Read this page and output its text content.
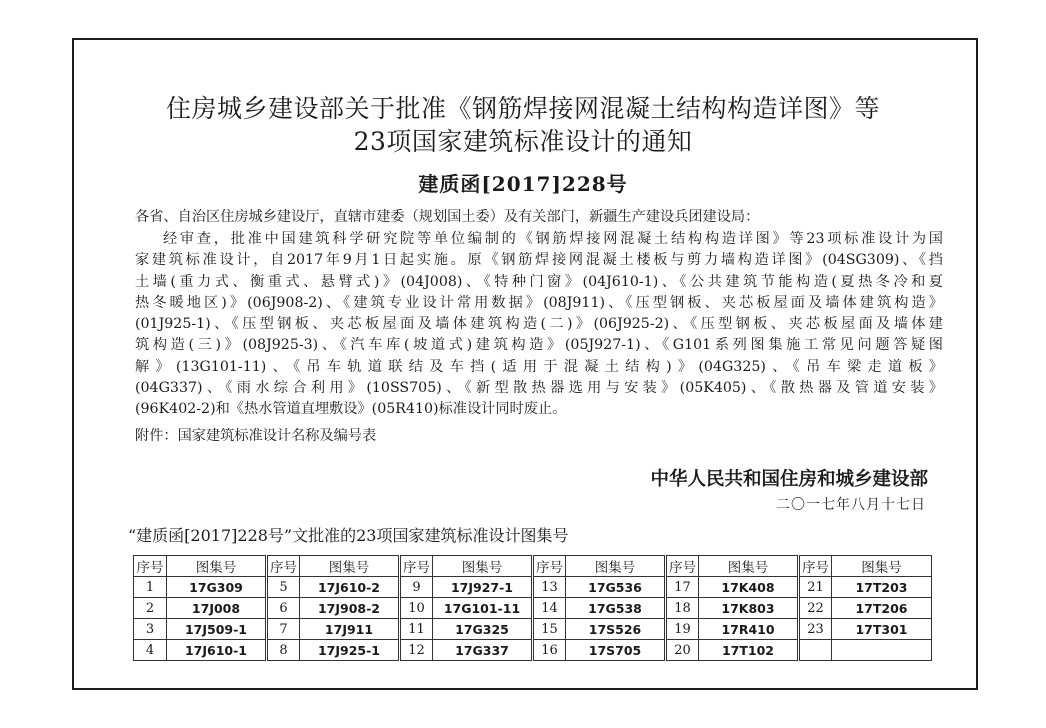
住房城乡建设部关于批准《钢筋焊接网混凝土结构构造详图》等
23项国家建筑标准设计的通知
建质函[2017]228号

各省、自治区住房城乡建设厅，直辖市建委（规划国土委）及有关部门，新疆生产建设兵团建设局：

经审查，批准中国建筑科学研究院等单位编制的《钢筋焊接网混凝土结构构造详图》等23项标准设计为国
家建筑标准设计，自2017年9月1日起实施。原《钢筋焊接网混凝土楼板与剪力墙构造详图》(04SG309)、《挡
土墙(重力式、衡重式、悬臂式)》(04J008)、《特种门窗》(04J610-1)、《公共建筑节能构造(夏热冬冷和夏
热冬暖地区)》(06J908-2)、《建筑专业设计常用数据》(08J911)、《压型钢板、夹芯板屋面及墙体建筑构造》
(01J925-1)、《压型钢板、夹芯板屋面及墙体建筑构造(二)》(06J925-2)、《压型钢板、夹芯板屋面及墙体建
筑构造(三)》(08J925-3)、《汽车库(坡道式)建筑构造》(05J927-1)、《G101系列图集施工常见问题答疑图
解》(13G101-11)、《吊车轨道联结及车挡(适用于混凝土结构)》(04G325)、《吊车梁走道板》
(04G337)、《雨水综合利用》(10SS705)、《新型散热器选用与安装》(05K405)、《散热器及管道安装》
(96K402-2)和《热水管道直埋敷设》(05R410)标准设计同时废止。

附件：国家建筑标准设计名称及编号表

中华人民共和国住房和城乡建设部
二〇一七年八月十七日
“建质函[2017]228号”文批准的23项国家建筑标准设计图集号
序号	图集号	序号	图集号	序号	图集号	序号	图集号	序号	图集号	序号	图集号
1	17G309	5	17J610-2	9	17J927-1	13	17G536	17	17K408	21	17T203
2	17J008	6	17J908-2	10	17G101-11	14	17G538	18	17K803	22	17T206
3	17J509-1	7	17J911	11	17G325	15	17S526	19	17R410	23	17T301
4	17J610-1	8	17J925-1	12	17G337	16	17S705	20	17T102		
